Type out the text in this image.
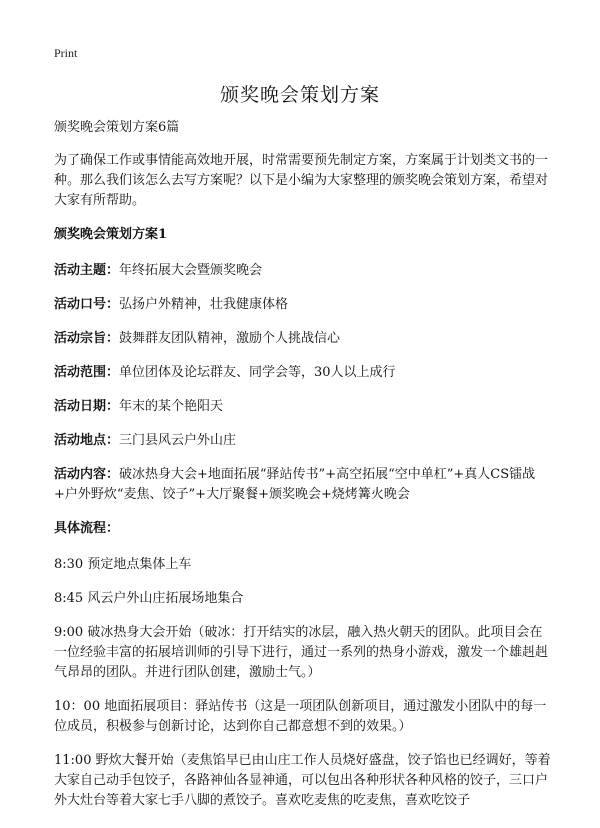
Print
颁奖晚会策划方案

颁奖晚会策划方案6篇

为了确保工作或事情能高效地开展，时常需要预先制定方案，方案属于计划类文书的一种。那么我们该怎么去写方案呢？以下是小编为大家整理的颁奖晚会策划方案，希望对大家有所帮助。

颁奖晚会策划方案1

活动主题：年终拓展大会暨颁奖晚会

活动口号：弘扬户外精神，壮我健康体格

活动宗旨：鼓舞群友团队精神，激励个人挑战信心

活动范围：单位团体及论坛群友、同学会等，30人以上成行

活动日期：年末的某个艳阳天

活动地点：三门县风云户外山庄

活动内容：破冰热身大会+地面拓展“驿站传书”+高空拓展“空中单杠”+真人CS镭战+户外野炊“麦焦、饺子”+大厅聚餐+颁奖晚会+烧烤篝火晚会

具体流程：

8:30 预定地点集体上车

8:45 风云户外山庄拓展场地集合

9:00 破冰热身大会开始（破冰：打开结实的冰层，融入热火朝天的团队。此项目会在一位经验丰富的拓展培训师的引导下进行，通过一系列的热身小游戏，激发一个雄赳赳气昂昂的团队。并进行团队创建，激励士气。）

10：00 地面拓展项目：驿站传书（这是一项团队创新项目，通过激发小团队中的每一位成员，积极参与创新讨论，达到你自己都意想不到的效果。）

11:00 野炊大餐开始（麦焦馅早已由山庄工作人员烧好盛盘，饺子馅也已经调好，等着大家自己动手包饺子，各路神仙各显神通，可以包出各种形状各种风格的饺子，三口户外大灶台等着大家七手八脚的煮饺子。喜欢吃麦焦的吃麦焦，喜欢吃饺子
